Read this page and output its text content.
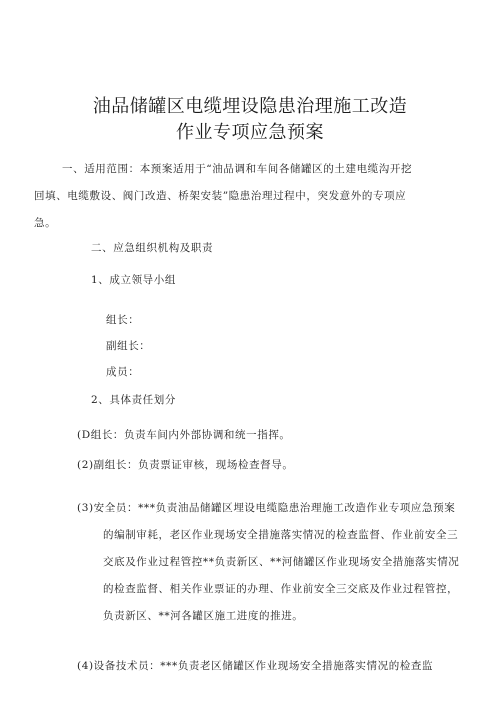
油品储罐区电缆埋设隐患治理施工改造
作业专项应急预案
一、适用范围：本预案适用于“油品调和车间各储罐区的土建电缆沟开挖回填、电缆敷设、阀门改造、桥架安装”隐患治理过程中，突发意外的专项应急。
二、应急组织机构及职责
1、成立领导小组
组长：
副组长：
成员：
2、具体责任划分
(D组长：负责车间内外部协调和统一指挥。
(2)副组长：负责票证审核，现场检查督导。
(3)安全员：***负责油品储罐区埋设电缆隐患治理施工改造作业专项应急预案的编制审耗，老区作业现场安全措施落实情况的检查监督、作业前安全三交底及作业过程管控**负责新区、**河储罐区作业现场安全措施落实情况的检查监督、相关作业票证的办理、作业前安全三交底及作业过程管控，负责新区、**河各罐区施工进度的推进。
(4)设备技术员：***负责老区储罐区作业现场安全措施落实情况的检查监
